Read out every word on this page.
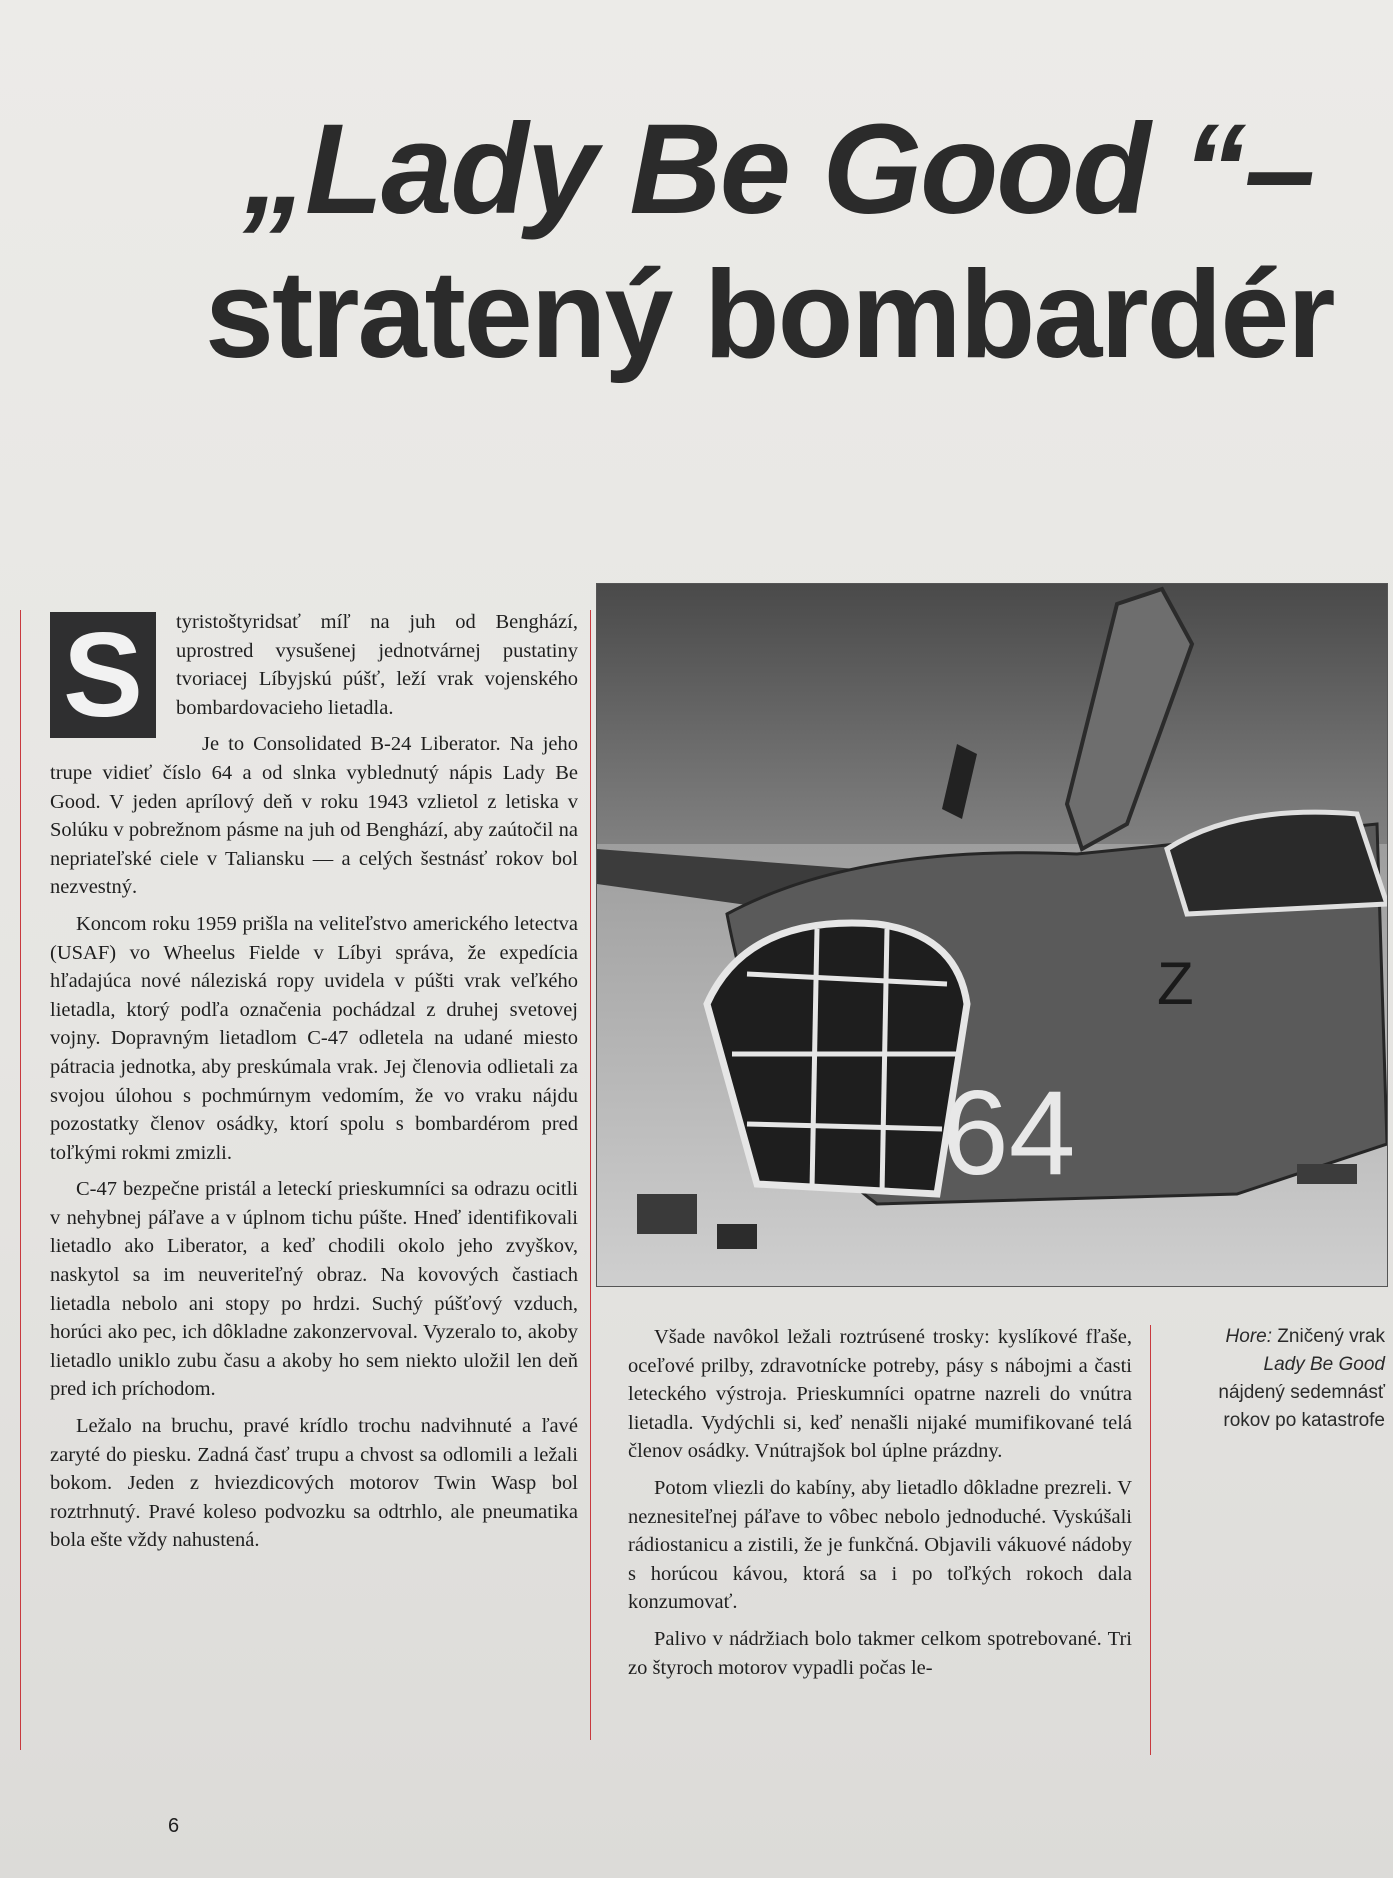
„Lady Be Good “–
stratený bombardér

S	tyristoštyridsať míľ na juh od Benghází, uprostred vysušenej jednotvárnej pustatiny tvoriacej Líbyjskú púšť, leží vrak vojenského bombardovacieho lietadla.

Je to Consolidated B-24 Liberator. Na jeho trupe vidieť číslo 64 a od slnka vyblednutý nápis Lady Be Good. V jeden aprílový deň v roku 1943 vzlietol z letiska v Solúku v pobrežnom pásme na juh od Benghází, aby zaútočil na nepriateľské ciele v Taliansku — a celých šestnásť rokov bol nezvestný.

Koncom roku 1959 prišla na veliteľstvo amerického letectva (USAF) vo Wheelus Fielde v Líbyi správa, že expedícia hľadajúca nové náleziská ropy uvidela v púšti vrak veľkého lietadla, ktorý podľa označenia pochádzal z druhej svetovej vojny. Dopravným lietadlom C-47 odletela na udané miesto pátracia jednotka, aby preskúmala vrak. Jej členovia odlietali za svojou úlohou s pochmúrnym vedomím, že vo vraku nájdu pozostatky členov osádky, ktorí spolu s bombardérom pred toľkými rokmi zmizli.

C-47 bezpečne pristál a leteckí prieskumníci sa odrazu ocitli v nehybnej páľave a v úplnom tichu púšte. Hneď identifikovali lietadlo ako Liberator, a keď chodili okolo jeho zvyškov, naskytol sa im neuveriteľný obraz. Na kovových častiach lietadla nebolo ani stopy po hrdzi. Suchý púšťový vzduch, horúci ako pec, ich dôkladne zakonzervoval. Vyzeralo to, akoby lietadlo uniklo zubu času a akoby ho sem niekto uložil len deň pred ich príchodom.

Ležalo na bruchu, pravé krídlo trochu nadvihnuté a ľavé zaryté do piesku. Zadná časť trupu a chvost sa odlomili a ležali bokom. Jeden z hviezdicových motorov Twin Wasp bol roztrhnutý. Pravé koleso podvozku sa odtrhlo, ale pneumatika bola ešte vždy nahustená.

64
Z
Hore: Zničený vrak
Lady Be Good
nájdený sedemnásť rokov po katastrofe

Všade navôkol ležali roztrúsené trosky: kyslíkové fľaše, oceľové prilby, zdravotnícke potreby, pásy s nábojmi a časti leteckého výstroja. Prieskumníci opatrne nazreli do vnútra lietadla. Vydýchli si, keď nenašli nijaké mumifikované telá členov osádky. Vnútrajšok bol úplne prázdny.

Potom vliezli do kabíny, aby lietadlo dôkladne prezreli. V neznesiteľnej páľave to vôbec nebolo jednoduché. Vyskúšali rádiostanicu a zistili, že je funkčná. Objavili vákuové nádoby s horúcou kávou, ktorá sa i po toľkých rokoch dala konzumovať.

Palivo v nádržiach bolo takmer celkom spotrebované. Tri zo štyroch motorov vypadli počas le-

6
